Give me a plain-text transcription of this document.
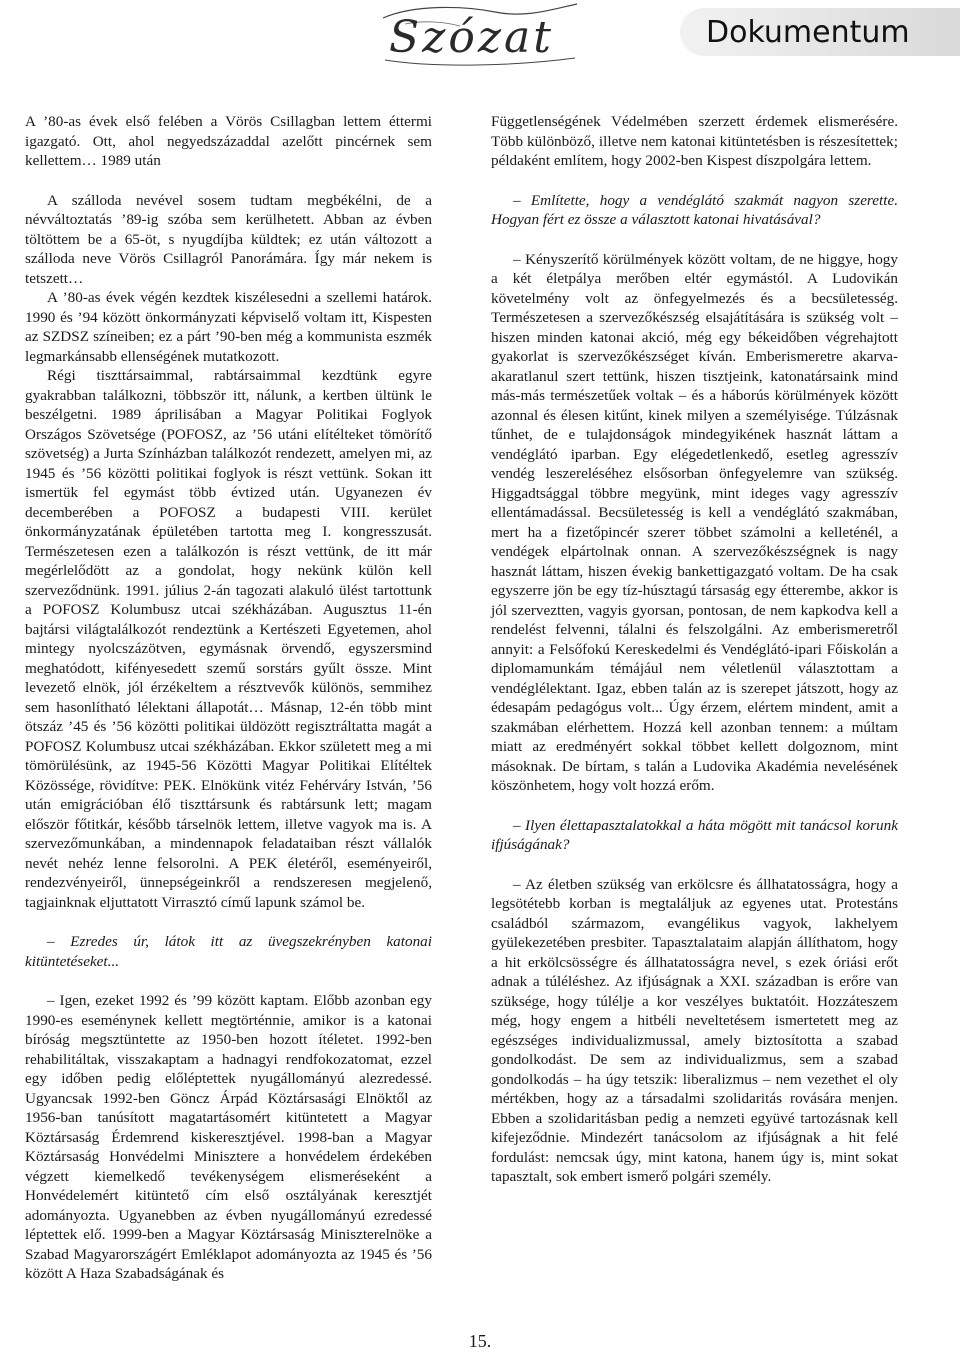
Szózat	Dokumentum

A ’80-as évek első felében a Vörös Csillagban lettem éttermi igazgató. Ott, ahol negyedszázaddal azelőtt pincérnek sem kellettem… 1989 után

A szálloda nevével sosem tudtam megbékélni, de a névváltoztatás ’89-ig szóba sem kerülhetett. Abban az évben töltöttem be a 65-öt, s nyugdíjba küldtek; ez után változott a szálloda neve Vörös Csillagról Panorámára. Így már nekem is tetszett…

A ’80-as évek végén kezdtek kiszélesedni a szellemi határok. 1990 és ’94 között önkormányzati képviselő voltam itt, Kispesten az SZDSZ színeiben; ez a párt ’90-ben még a kommunista eszmék legmarkánsabb ellenségének mutatkozott.

Régi tiszttársaimmal, rabtársaimmal kezdtünk egyre gyakrabban találkozni, többször itt, nálunk, a kertben ültünk le beszélgetni. 1989 áprilisában a Magyar Politikai Foglyok Országos Szövetsége (POFOSZ, az ’56 utáni elítélteket tömörítő szövetség) a Jurta Színházban találkozót rendezett, amelyen mi, az 1945 és ’56 közötti politikai foglyok is részt vettünk. Sokan itt ismertük fel egymást több évtized után. Ugyanezen év decemberében a POFOSZ a budapesti VIII. kerület önkormányzatának épületében tartotta meg I. kongresszusát. Természetesen ezen a találkozón is részt vettünk, de itt már megérlelődött az a gondolat, hogy nekünk külön kell szerveződnünk. 1991. július 2-án tagozati alakuló ülést tartottunk a POFOSZ Kolumbusz utcai székházában. Augusztus 11-én bajtársi világtalálkozót rendeztünk a Kertészeti Egyetemen, ahol mintegy nyolcszázötven, egymásnak örvendő, egyszersmind meghatódott, kifényesedett szemű sorstárs gyűlt össze. Mint levezető elnök, jól érzékeltem a résztvevők különös, semmihez sem hasonlítható lélektani állapotát… Másnap, 12-én több mint ötszáz ’45 és ’56 közötti politikai üldözött regisztráltatta magát a POFOSZ Kolumbusz utcai székházában. Ekkor született meg a mi tömörülésünk, az 1945-56 Közötti Magyar Politikai Elítéltek Közössége, rövidítve: PEK. Elnökünk vitéz Fehérváry István, ’56 után emigrációban élő tiszttársunk és rabtársunk lett; magam először főtitkár, később társelnök lettem, illetve vagyok ma is. A szervezőmunkában, a mindennapok feladataiban részt vállalók nevét nehéz lenne felsorolni. A PEK életéről, eseményeiről, rendezvényeiről, ünnepségeinkről a rendszeresen megjelenő, tagjainknak eljuttatott Virrasztó című lapunk számol be.

– Ezredes úr, látok itt az üvegszekrényben katonai kitüntetéseket...

– Igen, ezeket 1992 és ’99 között kaptam. Előbb azonban egy 1990-es eseménynek kellett megtörténnie, amikor is a katonai bíróság megsztüntette az 1950-ben hozott ítéletet. 1992-ben rehabilitáltak, visszakaptam a hadnagyi rendfokozatomat, ezzel egy időben pedig előléptettek nyugállományú alezredessé. Ugyancsak 1992-ben Göncz Árpád Köztársasági Elnöktől az 1956-ban tanúsított magatartásomért kitüntetett a Magyar Köztársaság Érdemrend kiskeresztjével. 1998-ban a Magyar Köztársaság Honvédelmi Minisztere a honvédelem érdekében végzett kiemelkedő tevékenységem elismeréseként a Honvédelemért kitüntető cím első osztályának keresztjét adományozta. Ugyanebben az évben nyugállományú ezredessé léptettek elő. 1999-ben a Magyar Köztársaság Miniszterelnöke a Szabad Magyarországért Emléklapot adományozta az 1945 és ’56 között A Haza Szabadságának és

Függetlenségének Védelmében szerzett érdemek elismerésére. Több különböző, illetve nem katonai kitüntetésben is részesítettek; példaként említem, hogy 2002-ben Kispest díszpolgára lettem.

– Említette, hogy a vendéglátó szakmát nagyon szerette. Hogyan fért ez össze a választott katonai hivatásával?

– Kényszerítő körülmények között voltam, de ne higgye, hogy a két életpálya merőben eltér egymástól. A Ludovikán követelmény volt az önfegyelmezés és a becsületesség. Természetesen a szervezőkészség elsajátítására is szükség volt – hiszen minden katonai akció, még egy békeidőben végrehajtott gyakorlat is szervezőkészséget kíván. Emberismeretre akarva-akaratlanul szert tettünk, hiszen tisztjeink, katonatársaink mind más-más természetűek voltak – és a háborús körülmények között azonnal és élesen kitűnt, kinek milyen a személyisége. Túlzásnak tűnhet, de e tulajdonságok mindegyikének hasznát láttam a vendéglátó iparban. Egy elégedetlenkedő, esetleg agresszív vendég leszereléséhez elsősorban önfegyelemre van szükség. Higgadtsággal többre megyünk, mint ideges vagy agresszív ellentámadással. Becsületesség is kell a vendéglátó szakmában, mert ha a fizetőpincér szerет többet számolni a kelleténél, a vendégek elpártolnak onnan. A szervezőkészségnek is nagy hasznát láttam, hiszen évekig bankettigazgató voltam. De ha csak egyszerre jön be egy tíz-húsztagú társaság egy étterembe, akkor is jól szerveztten, vagyis gyorsan, pontosan, de nem kapkodva kell a rendelést felvenni, tálalni és felszolgálni. Az emberismeretről annyit: a Felsőfokú Kereskedelmi és Vendéglátó-ipari Főiskolán a diplomamunkám témájául nem véletlenül választottam a vendéglélektant. Igaz, ebben talán az is szerepet játszott, hogy az édesapám pedagógus volt... Úgy érzem, elértem mindent, amit a szakmában elérhettem. Hozzá kell azonban tennem: a múltam miatt az eredményért sokkal többet kellett dolgoznom, mint másoknak. De bírtam, s talán a Ludovika Akadémia nevelésének köszönhetem, hogy volt hozzá erőm.

– Ilyen élettapasztalatokkal a háta mögött mit tanácsol korunk ifjúságának?

– Az életben szükség van erkölcsre és állhatatosságra, hogy a legsötétebb korban is megtaláljuk az egyenes utat. Protestáns családból származom, evangélikus vagyok, lakhelyem gyülekezetében presbiter. Tapasztalataim alapján állíthatom, hogy a hit erkölcsösségre és állhatatosságra nevel, s ezek óriási erőt adnak a túléléshez. Az ifjúságnak a XXI. században is erőre van szüksége, hogy túlélje a kor veszélyes buktatóit. Hozzáteszem még, hogy engem a hitbéli neveltetésem ismertetett meg az egészséges individualizmussal, amely biztosította a szabad gondolkodást. De sem az individualizmus, sem a szabad gondolkodás – ha úgy tetszik: liberalizmus – nem vezethet el oly mértékben, hogy az a társadalmi szolidaritás rovására menjen. Ebben a szolidaritásban pedig a nemzeti együvé tartozásnak kell kifejeződnie. Mindezért tanácsolom az ifjúságnak a hit felé fordulást: nemcsak úgy, mint katona, hanem úgy is, mint sokat tapasztalt, sok embert ismerő polgári személy.

15.
